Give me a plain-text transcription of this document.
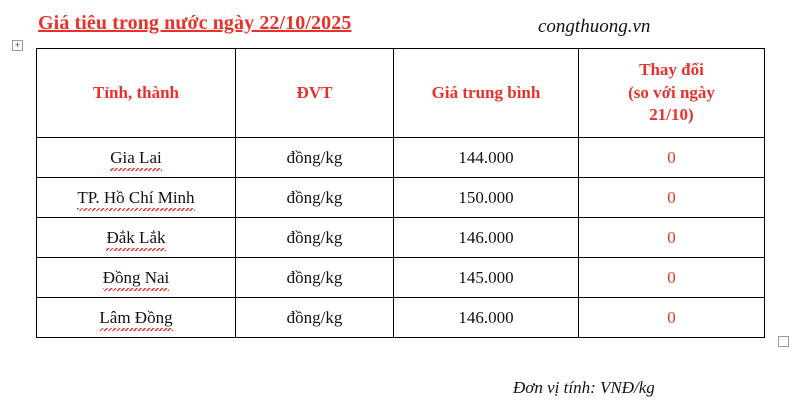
Giá tiêu trong nước ngày 22/10/2025	congthuong.vn
+
Tỉnh, thành	ĐVT	Giá trung bình	Thay đổi
(so với ngày
21/10)

Gia Lai	đồng/kg	144.000	0
TP. Hồ Chí Minh	đồng/kg	150.000	0
Đắk Lắk	đồng/kg	146.000	0
Đồng Nai	đồng/kg	145.000	0
Lâm Đồng	đồng/kg	146.000	0
Đơn vị tính: VNĐ/kg
